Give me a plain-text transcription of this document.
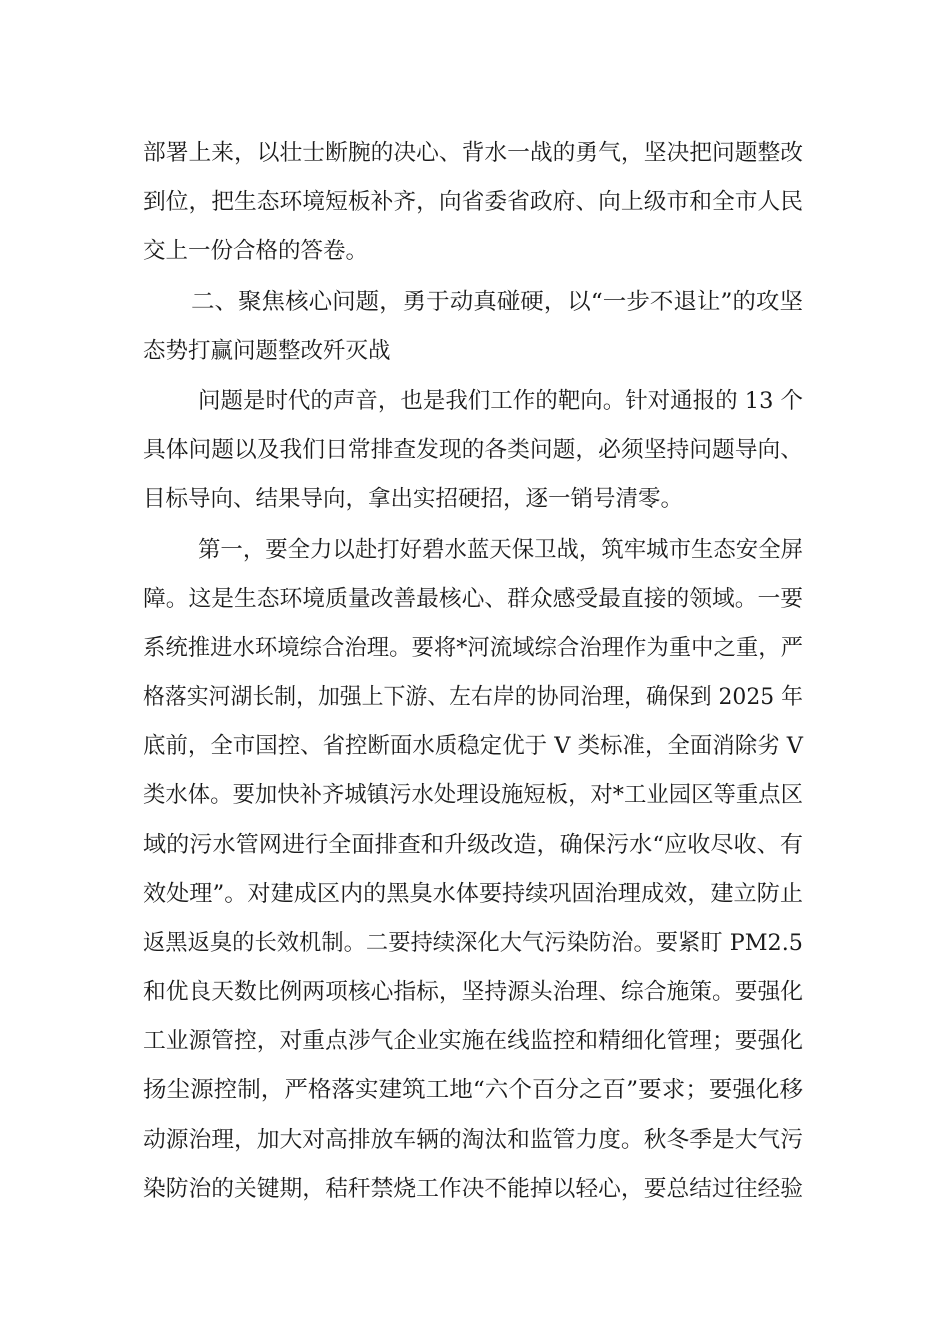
部署上来，以壮士断腕的决心、背水一战的勇气，坚决把问题整改

到位，把生态环境短板补齐，向省委省政府、向上级市和全市人民

交上一份合格的答卷。

二、聚焦核心问题，勇于动真碰硬，以“一步不退让”的攻坚

态势打赢问题整改歼灭战

问题是时代的声音，也是我们工作的靶向。针对通报的 13 个

具体问题以及我们日常排查发现的各类问题，必须坚持问题导向、

目标导向、结果导向，拿出实招硬招，逐一销号清零。

第一，要全力以赴打好碧水蓝天保卫战，筑牢城市生态安全屏

障。这是生态环境质量改善最核心、群众感受最直接的领域。一要

系统推进水环境综合治理。要将*河流域综合治理作为重中之重，严

格落实河湖长制，加强上下游、左右岸的协同治理，确保到 2025 年

底前，全市国控、省控断面水质稳定优于 V 类标准，全面消除劣 V

类水体。要加快补齐城镇污水处理设施短板，对*工业园区等重点区

域的污水管网进行全面排查和升级改造，确保污水“应收尽收、有

效处理”。对建成区内的黑臭水体要持续巩固治理成效，建立防止

返黑返臭的长效机制。二要持续深化大气污染防治。要紧盯 PM2.5

和优良天数比例两项核心指标，坚持源头治理、综合施策。要强化

工业源管控，对重点涉气企业实施在线监控和精细化管理；要强化

扬尘源控制，严格落实建筑工地“六个百分之百”要求；要强化移

动源治理，加大对高排放车辆的淘汰和监管力度。秋冬季是大气污

染防治的关键期，秸秆禁烧工作决不能掉以轻心，要总结过往经验
